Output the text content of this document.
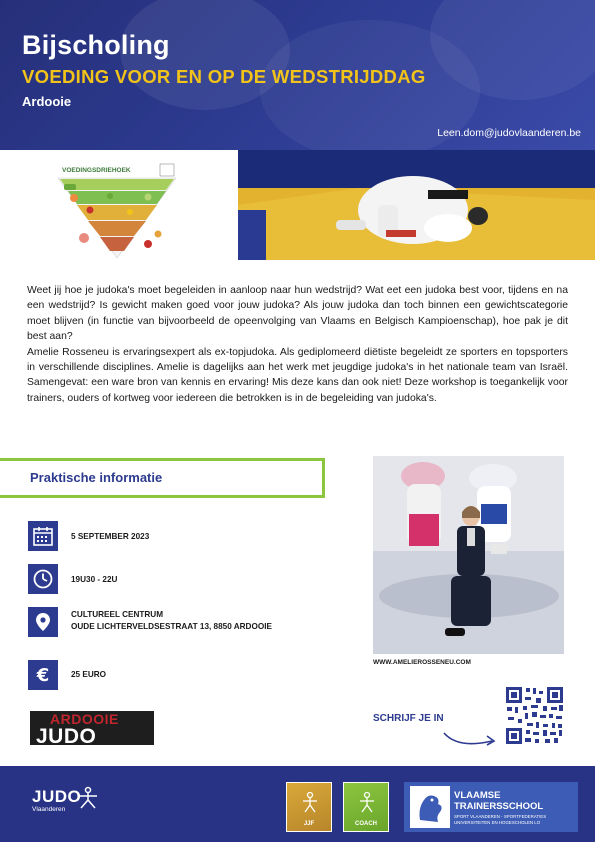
Bijscholing
VOEDING VOOR EN OP DE WEDSTRIJDDAG
Ardooie
Leen.dom@judovlaanderen.be
VOEDINGSDRIEHOEK

Weet jij hoe je judoka's moet begeleiden in aanloop naar hun wedstrijd? Wat eet een judoka best voor, tijdens en na een wedstrijd? Is gewicht maken goed voor jouw judoka? Als jouw judoka dan toch binnen een gewichtscategorie moet blijven (in functie van bijvoorbeeld de opeenvolging van Vlaams en Belgisch Kampioenschap), hoe pak je dit best aan?

Amelie Rosseneu is ervaringsexpert als ex-topjudoka. Als gediplomeerd diëtiste begeleidt ze sporters en topsporters in verschillende disciplines. Amelie is dagelijks aan het werk met jeugdige judoka's in het nationale team van Israël. Samengevat: een ware bron van kennis en ervaring! Mis deze kans dan ook niet! Deze workshop is toegankelijk voor trainers, ouders of kortweg voor iedereen die betrokken is in de begeleiding van judoka's.

Praktische informatie
5 SEPTEMBER 2023
19U30 - 22U
CULTUREEL CENTRUM
OUDE LICHTERVELDSESTRAAT 13, 8850 ARDOOIE
€	25 EURO
WWW.AMELIEROSSENEU.COM
ARDOOIE
JUDO
SCHRIJF JE IN
JUDO
Vlaanderen
JJF	COACH
VLAAMSE
TRAINERSSCHOOL
SPORT VLAANDEREN - SPORTFEDERATIES
UNIVERSITEITEN EN HOGESCHOLEN LO
